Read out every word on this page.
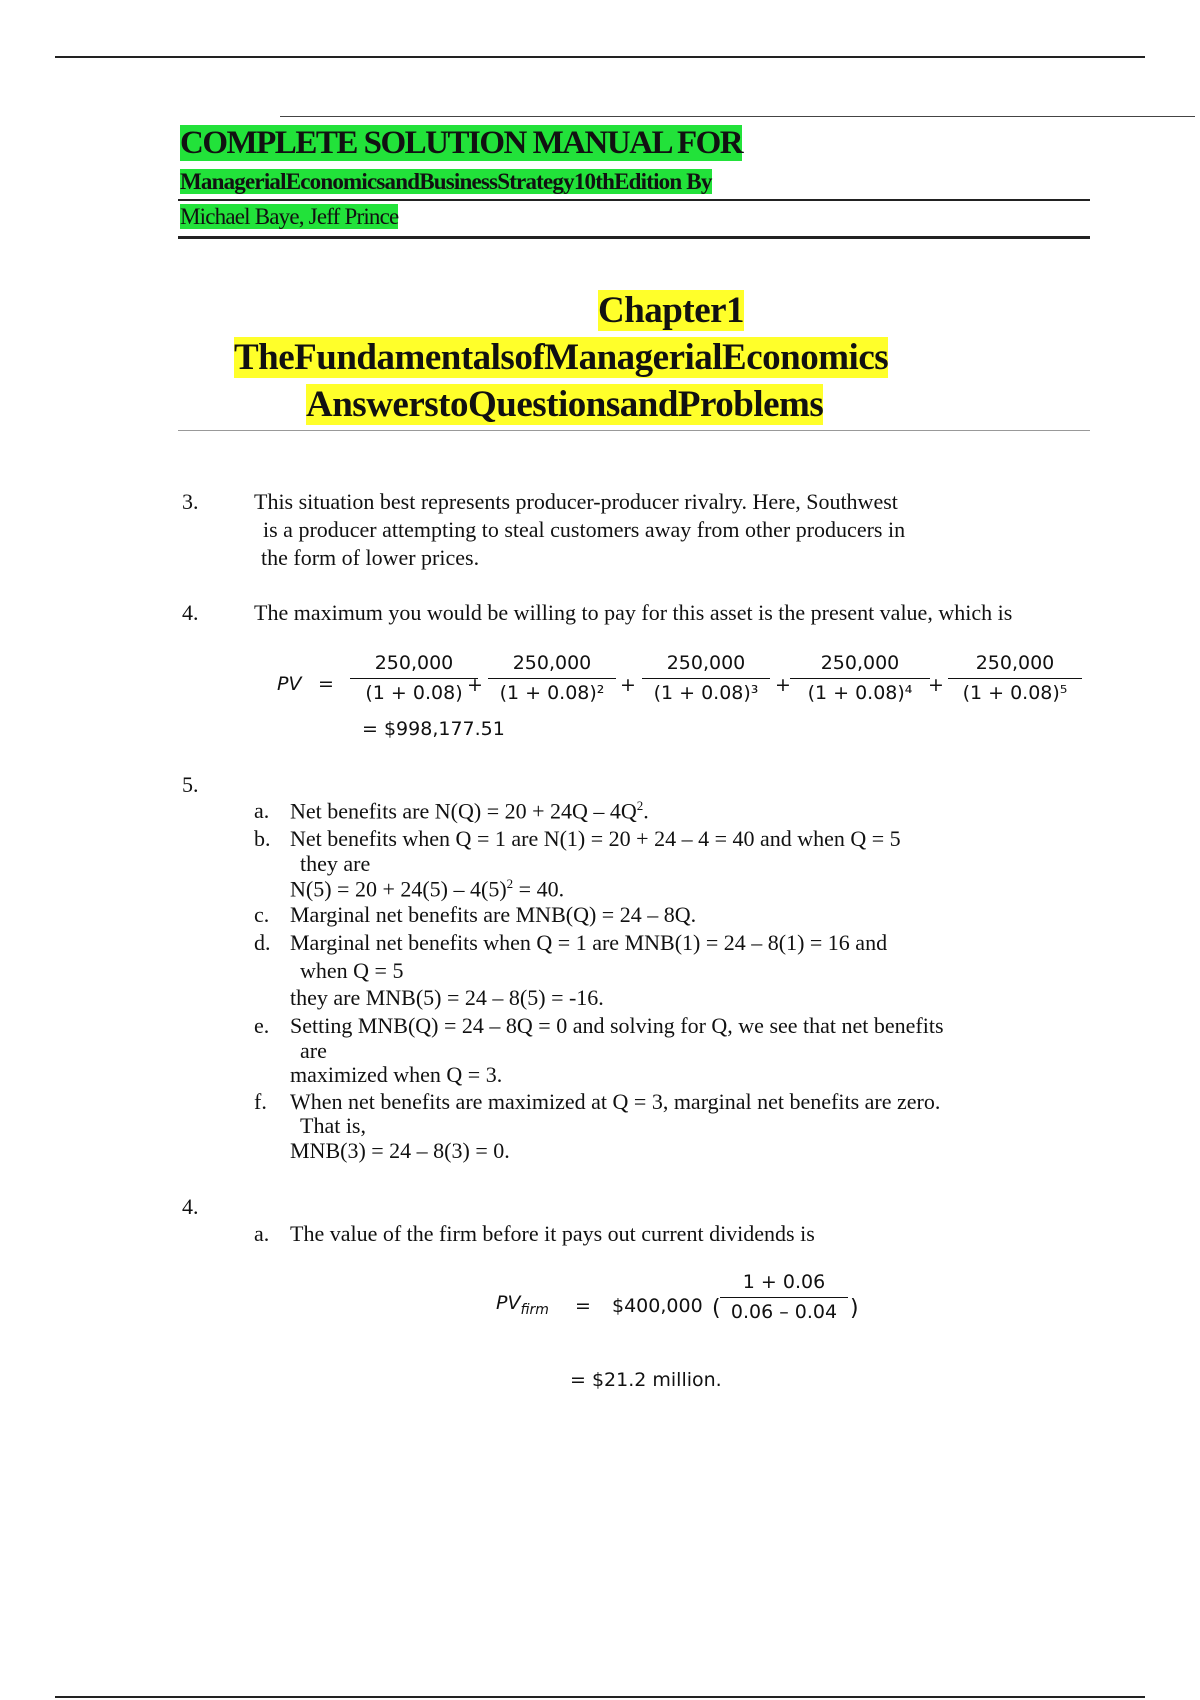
COMPLETE SOLUTION MANUAL FOR
ManagerialEconomicsandBusinessStrategy10thEdition By
Michael Baye, Jeff Prince
Chapter1
TheFundamentalsofManagerialEconomics
AnswerstoQuestionsandProblems
3.	This situation best represents producer-producer rivalry. Here, Southwest
is a producer attempting to steal customers away from other producers in
the form of lower prices.
4.	The maximum you would be willing to pay for this asset is the present value, which is
PV =
250,000
(1 + 0.08) +
250,000
(1 + 0.08)² +
250,000
(1 + 0.08)³ +
250,000
(1 + 0.08)⁴ +
250,000
(1 + 0.08)⁵
= $998,177.51
5.
a. Net benefits are $N(Q) = 20 + 24Q - 4Q^2$.
b. Net benefits when Q = 1 are N(1) = 20 + 24 – 4 = 40 and when Q = 5
they are
$N(5) = 20 + 24(5) - 4(5)^2 = 40$.
c. Marginal net benefits are MNB(Q) = 24 – 8Q.
d. Marginal net benefits when Q = 1 are MNB(1) = 24 – 8(1) = 16 and
when Q = 5
they are MNB(5) = 24 – 8(5) = -16.
e. Setting MNB(Q) = 24 – 8Q = 0 and solving for Q, we see that net benefits
are
maximized when Q = 3.
f. When net benefits are maximized at Q = 3, marginal net benefits are zero.
That is,
MNB(3) = 24 – 8(3) = 0.
4.
a. The value of the firm before it pays out current dividends is
$PV_{firm}$ = $400,000 (
1 + 0.06
0.06 – 0.04 )
= $21.2 million.
